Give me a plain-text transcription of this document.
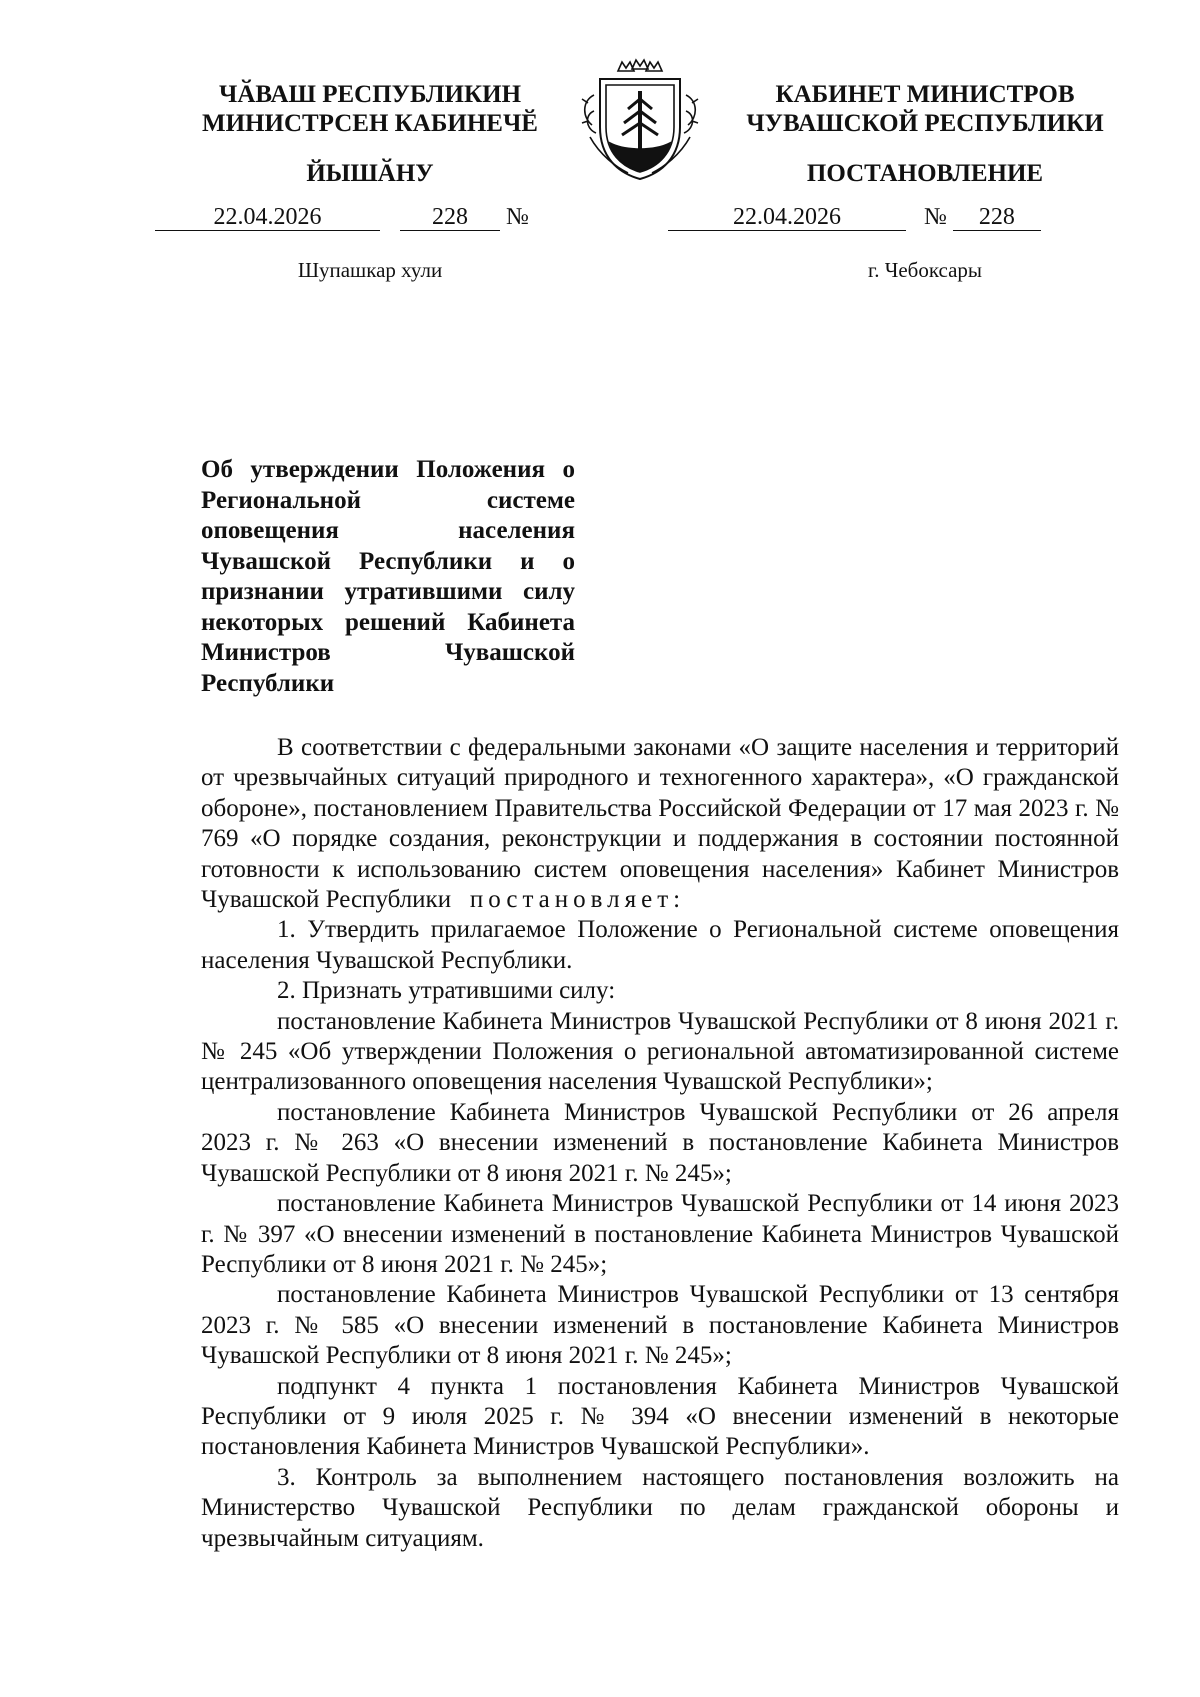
ЧӐВАШ РЕСПУБЛИКИН
МИНИСТРСЕН КАБИНЕЧӖ
ЙЫШӐНУ
КАБИНЕТ МИНИСТРОВ
ЧУВАШСКОЙ РЕСПУБЛИКИ
ПОСТАНОВЛЕНИЕ
22.04.2026	228 №	22.04.2026	№ 228
Шупашкар хули	г. Чебоксары
Об утверждении Положения о Региональной системе оповещения населения Чувашской Республики и о признании утратившими силу некоторых решений Кабинета Министров Чувашской Республики

В соответствии с федеральными законами «О защите населения и территорий от чрезвычайных ситуаций природного и техногенного характера», «О гражданской обороне», постановлением Правительства Российской Федерации от 17 мая 2023 г. № 769 «О порядке создания, реконструкции и поддержания в состоянии постоянной готовности к использованию систем оповещения населения» Кабинет Министров Чувашской Республики постановляет:

1. Утвердить прилагаемое Положение о Региональной системе оповещения населения Чувашской Республики.

2. Признать утратившими силу:

постановление Кабинета Министров Чувашской Республики от 8 июня 2021 г. № 245 «Об утверждении Положения о региональной автоматизированной системе централизованного оповещения населения Чувашской Республики»;

постановление Кабинета Министров Чувашской Республики от 26 апреля 2023 г. № 263 «О внесении изменений в постановление Кабинета Министров Чувашской Республики от 8 июня 2021 г. № 245»;

постановление Кабинета Министров Чувашской Республики от 14 июня 2023 г. № 397 «О внесении изменений в постановление Кабинета Министров Чувашской Республики от 8 июня 2021 г. № 245»;

постановление Кабинета Министров Чувашской Республики от 13 сентября 2023 г. № 585 «О внесении изменений в постановление Кабинета Министров Чувашской Республики от 8 июня 2021 г. № 245»;

подпункт 4 пункта 1 постановления Кабинета Министров Чувашской Республики от 9 июля 2025 г. № 394 «О внесении изменений в некоторые постановления Кабинета Министров Чувашской Республики».

3. Контроль за выполнением настоящего постановления возложить на Министерство Чувашской Республики по делам гражданской обороны и чрезвычайным ситуациям.
